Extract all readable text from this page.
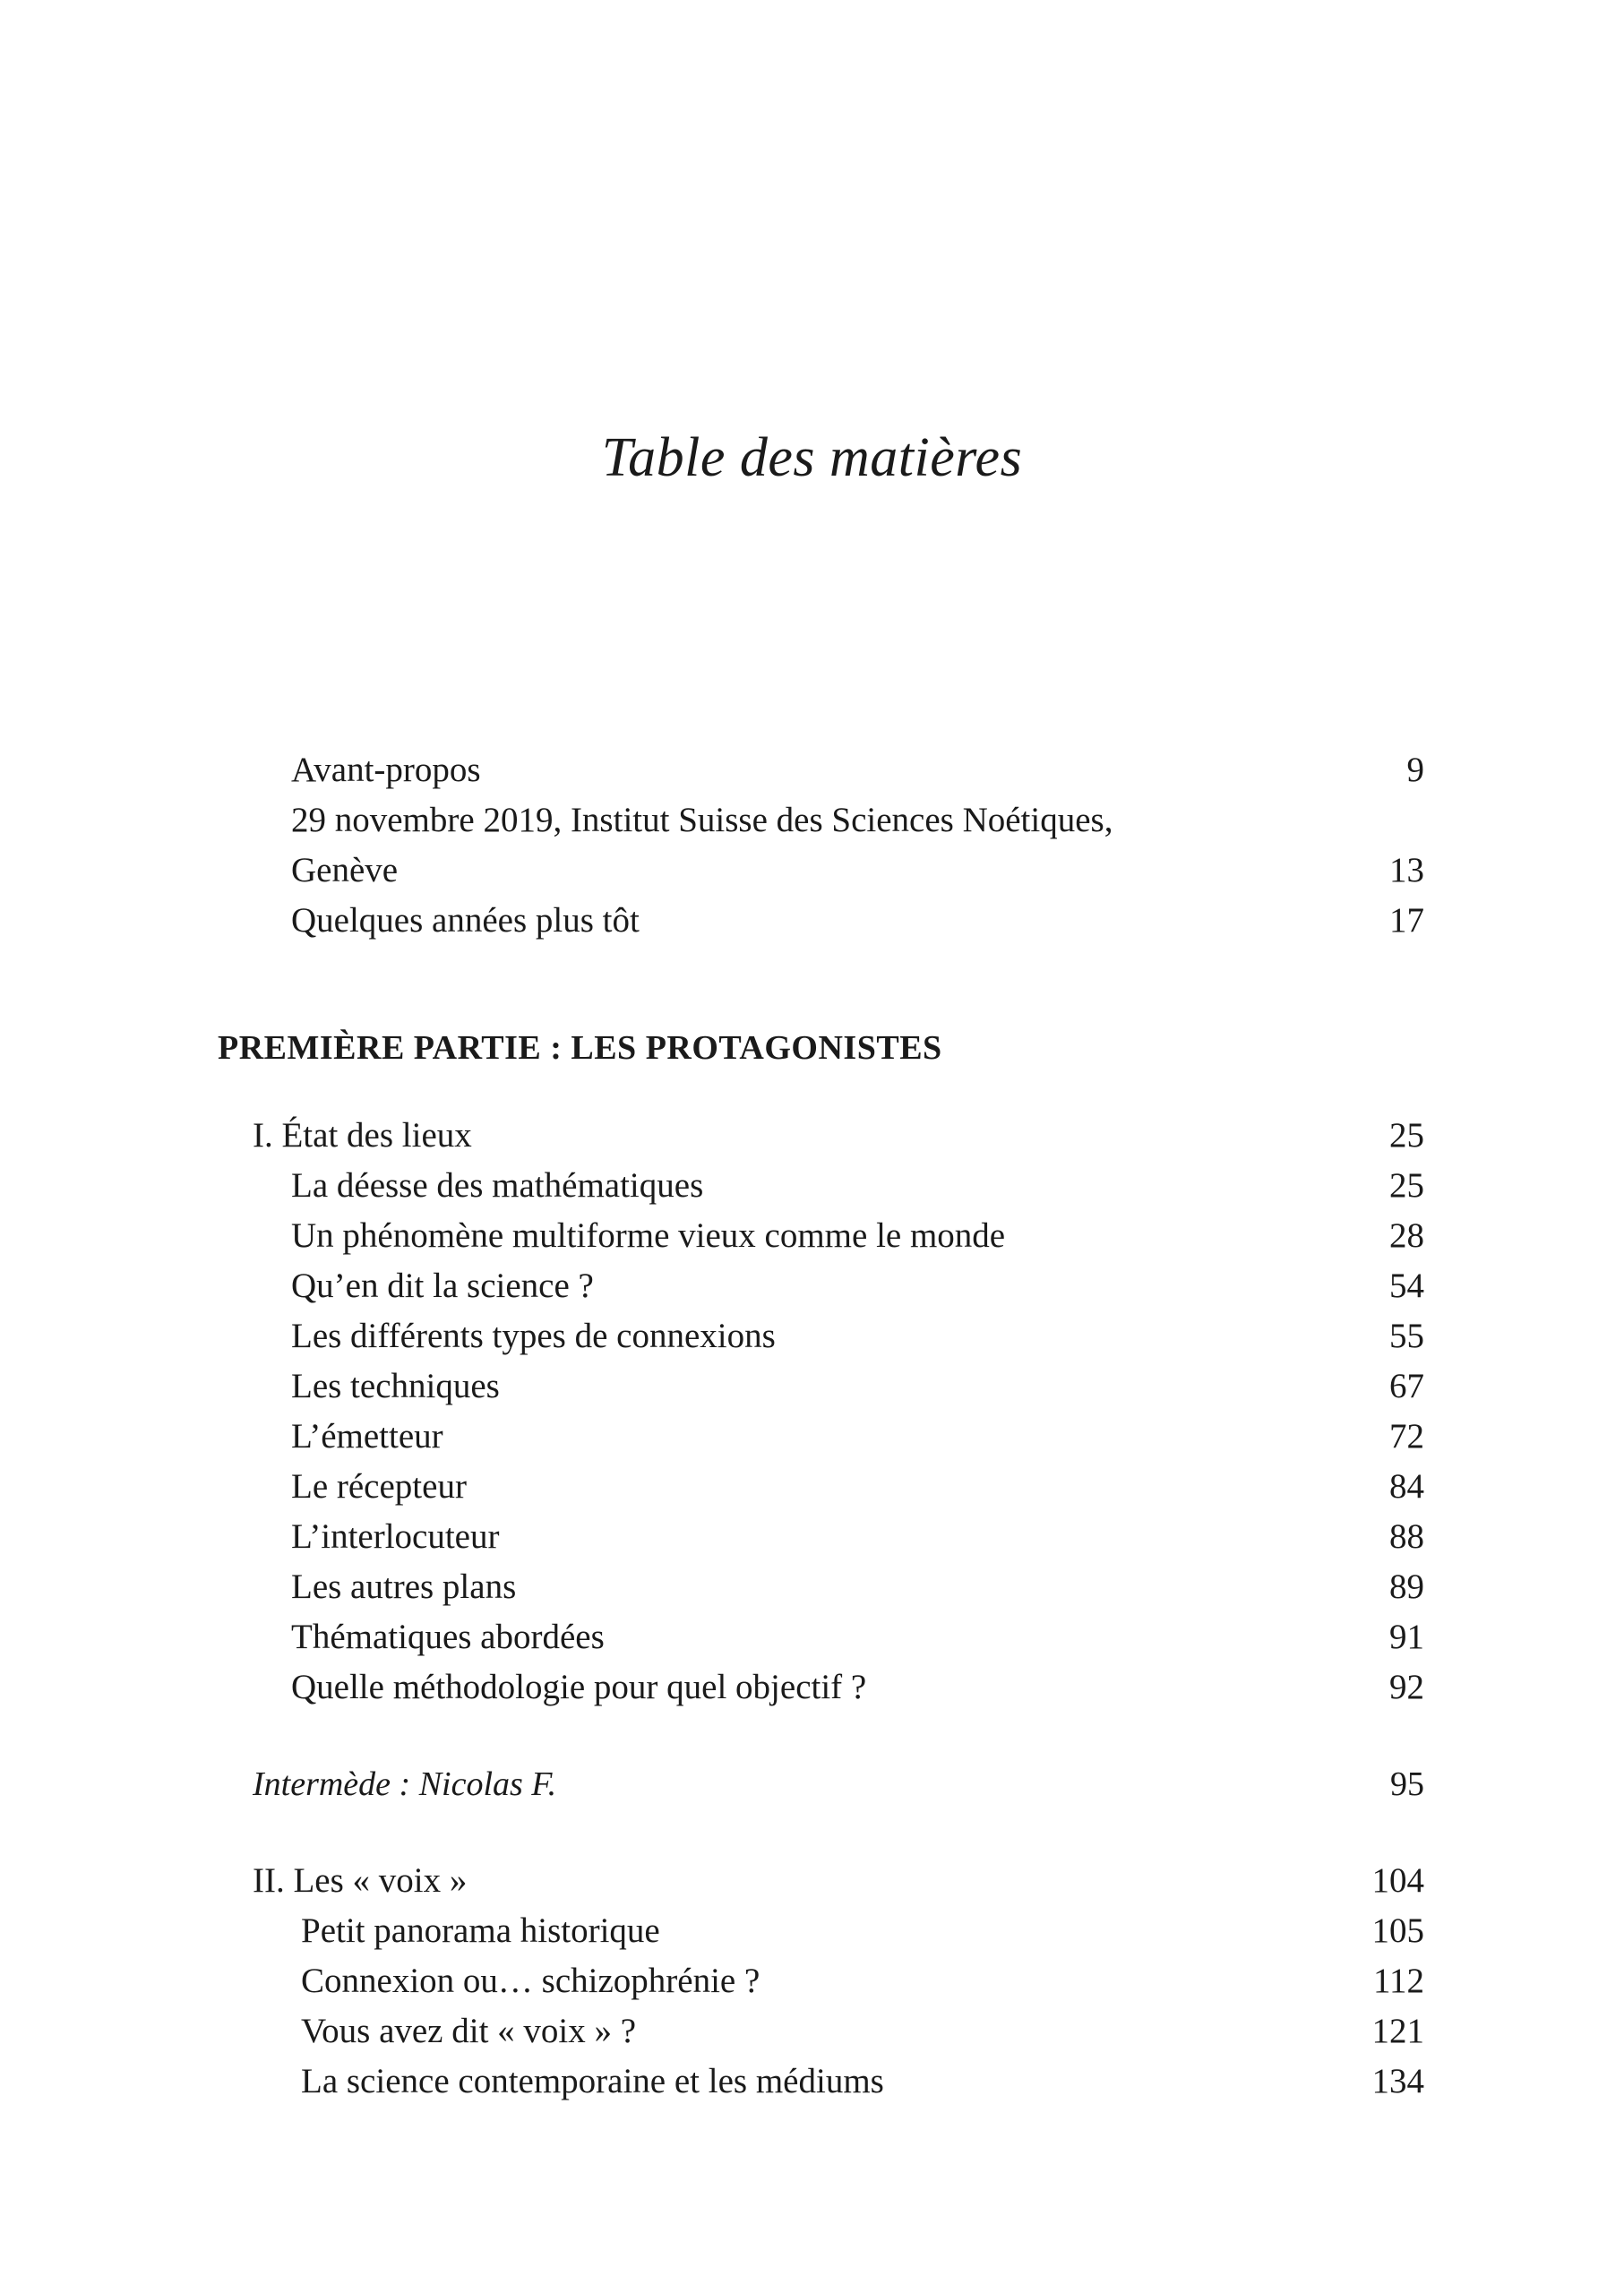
Table des matières
Avant-propos	9
29 novembre 2019, Institut Suisse des Sciences Noétiques,
Genève	13
Quelques années plus tôt	17
PREMIÈRE PARTIE : LES PROTAGONISTES
I. État des lieux	25
La déesse des mathématiques	25
Un phénomène multiforme vieux comme le monde	28
Qu’en dit la science ?	54
Les différents types de connexions	55
Les techniques	67
L’émetteur	72
Le récepteur	84
L’interlocuteur	88
Les autres plans	89
Thématiques abordées	91
Quelle méthodologie pour quel objectif ?	92
Intermède : Nicolas F.	95
II. Les « voix »	104
Petit panorama historique	105
Connexion ou… schizophrénie ?	112
Vous avez dit « voix » ?	121
La science contemporaine et les médiums	134
